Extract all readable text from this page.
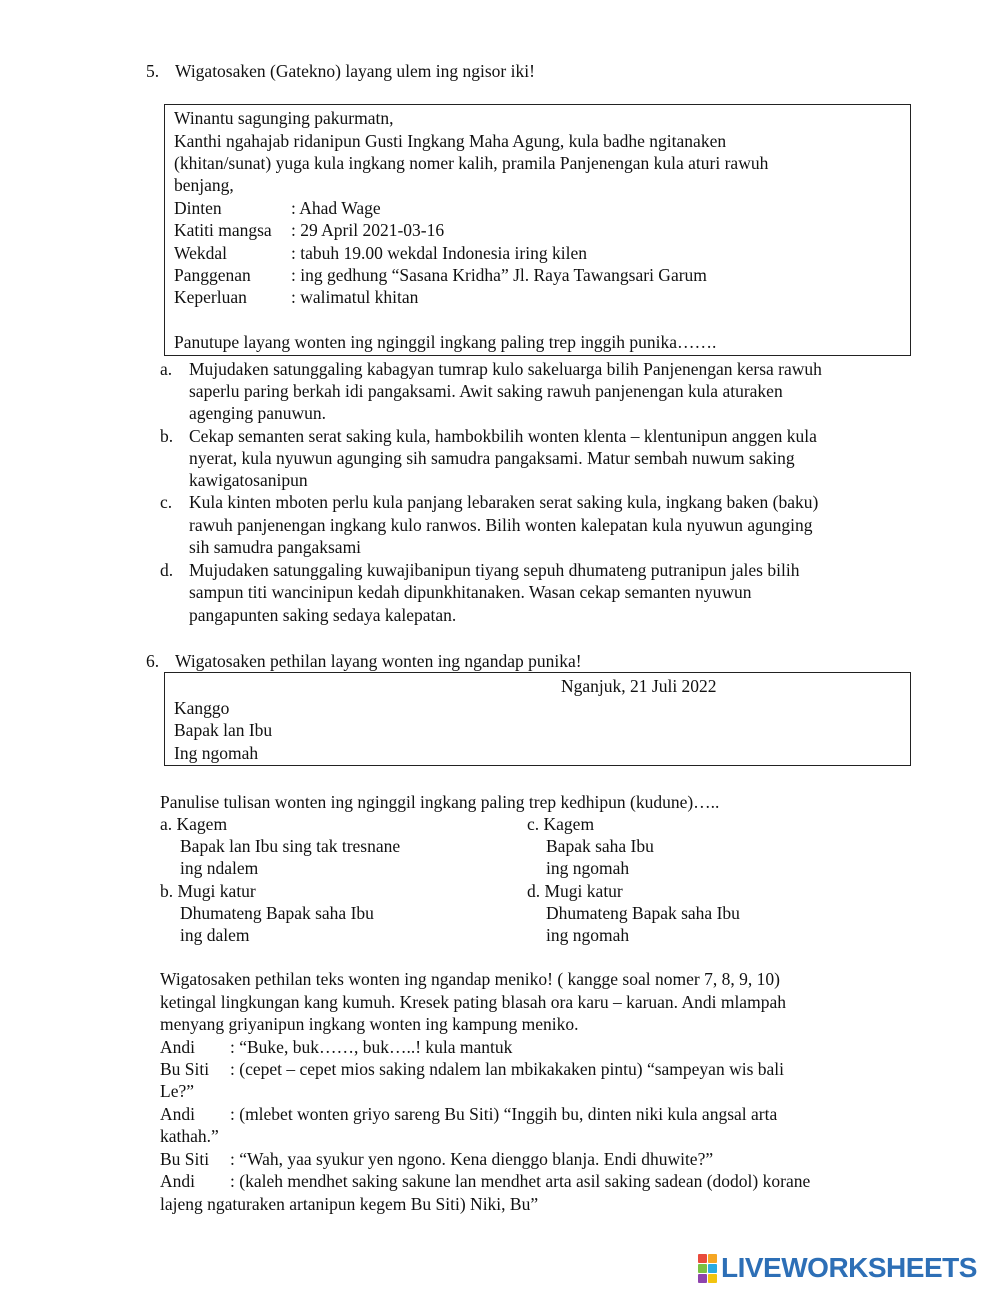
5. Wigatosaken (Gatekno) layang ulem ing ngisor iki!
Winantu sagunging pakurmatn,
Kanthi ngahajab ridanipun Gusti Ingkang Maha Agung, kula badhe ngitanaken
(khitan/sunat) yuga kula ingkang nomer kalih, pramila Panjenengan kula aturi rawuh
benjang,
Dinten	: Ahad Wage
Katiti mangsa : 29 April 2021-03-16
Wekdal	: tabuh 19.00 wekdal Indonesia iring kilen
Panggenan : ing gedhung “Sasana Kridha” Jl. Raya Tawangsari Garum
Keperluan	: walimatul khitan
Panutupe layang wonten ing nginggil ingkang paling trep inggih punika…….
a. Mujudaken satunggaling kabagyan tumrap kulo sakeluarga bilih Panjenengan kersa rawuh
saperlu paring berkah idi pangaksami. Awit saking rawuh panjenengan kula aturaken
agenging panuwun.
b. Cekap semanten serat saking kula, hambokbilih wonten klenta – klentunipun anggen kula
nyerat, kula nyuwun agunging sih samudra pangaksami. Matur sembah nuwum saking
kawigatosanipun
c. Kula kinten mboten perlu kula panjang lebaraken serat saking kula, ingkang baken (baku)
rawuh panjenengan ingkang kulo ranwos. Bilih wonten kalepatan kula nyuwun agunging
sih samudra pangaksami
d. Mujudaken satunggaling kuwajibanipun tiyang sepuh dhumateng putranipun jales bilih
sampun titi wancinipun kedah dipunkhitanaken. Wasan cekap semanten nyuwun
pangapunten saking sedaya kalepatan.
6. Wigatosaken pethilan layang wonten ing ngandap punika!
Nganjuk, 21 Juli 2022
Kanggo
Bapak lan Ibu
Ing ngomah
Panulise tulisan wonten ing nginggil ingkang paling trep kedhipun (kudune)…..
a. Kagem
Bapak lan Ibu sing tak tresnane
ing ndalem
b. Mugi katur
Dhumateng Bapak saha Ibu
ing dalem
c. Kagem
Bapak saha Ibu
ing ngomah
d. Mugi katur
Dhumateng Bapak saha Ibu
ing ngomah
Wigatosaken pethilan teks wonten ing ngandap meniko! ( kangge soal nomer 7, 8, 9, 10)
ketingal lingkungan kang kumuh. Kresek pating blasah ora karu – karuan. Andi mlampah
menyang griyanipun ingkang wonten ing kampung meniko.
Andi : “Buke, buk……, buk…..! kula mantuk
Bu Siti : (cepet – cepet mios saking ndalem lan mbikakaken pintu) “sampeyan wis bali
Le?”
Andi : (mlebet wonten griyo sareng Bu Siti) “Inggih bu, dinten niki kula angsal arta
kathah.”
Bu Siti : “Wah, yaa syukur yen ngono. Kena dienggo blanja. Endi dhuwite?”
Andi : (kaleh mendhet saking sakune lan mendhet arta asil saking sadean (dodol) korane
lajeng ngaturaken artanipun kegem Bu Siti) Niki, Bu”
LIVEWORKSHEETS
